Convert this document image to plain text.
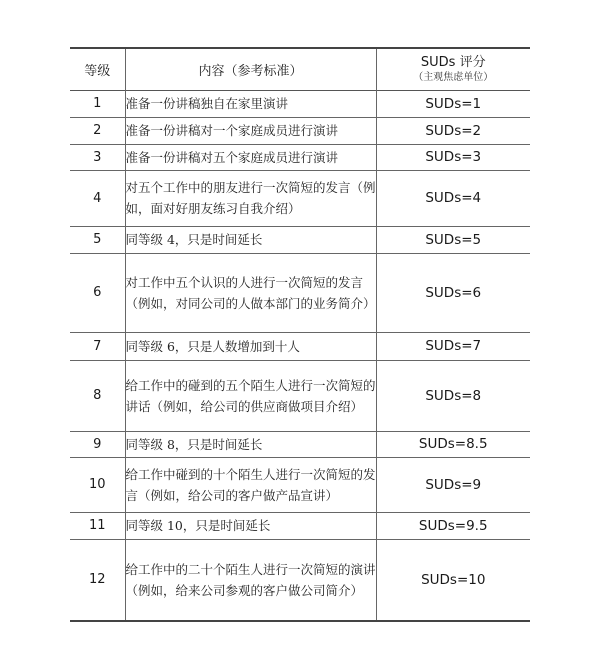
等级	内容（参考标准）	SUDs 评分
（主观焦虑单位）

1	准备一份讲稿独自在家里演讲	SUDs=1
2	准备一份讲稿对一个家庭成员进行演讲	SUDs=2
3	准备一份讲稿对五个家庭成员进行演讲	SUDs=3
4	对五个工作中的朋友进行一次简短的发言（例如，面对好朋友练习自我介绍）	SUDs=4
5	同等级 4，只是时间延长	SUDs=5
6	对工作中五个认识的人进行一次简短的发言（例如，对同公司的人做本部门的业务简介）	SUDs=6
7	同等级 6，只是人数增加到十人	SUDs=7
8	给工作中的碰到的五个陌生人进行一次简短的讲话（例如，给公司的供应商做项目介绍）	SUDs=8
9	同等级 8，只是时间延长	SUDs=8.5
10	给工作中碰到的十个陌生人进行一次简短的发言（例如，给公司的客户做产品宣讲）	SUDs=9
11	同等级 10，只是时间延长	SUDs=9.5
12	给工作中的二十个陌生人进行一次简短的演讲（例如，给来公司参观的客户做公司简介）	SUDs=10
